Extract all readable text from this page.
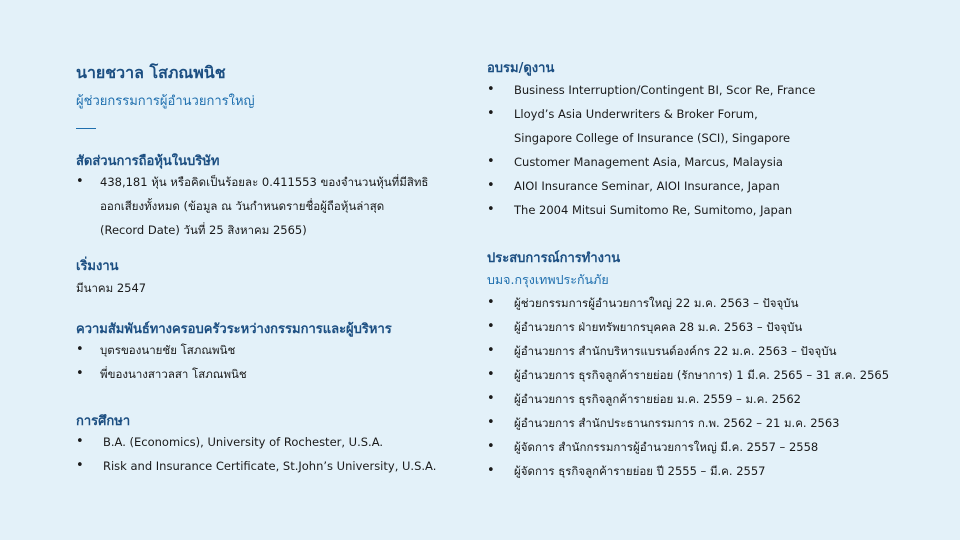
นายชวาล โสภณพนิช
ผู้ช่วยกรรมการผู้อำนวยการใหญ่
สัดส่วนการถือหุ้นในบริษัท
• 438,181 หุ้น หรือคิดเป็นร้อยละ 0.411553 ของจำนวนหุ้นที่มีสิทธิ
ออกเสียงทั้งหมด (ข้อมูล ณ วันกำหนดรายชื่อผู้ถือหุ้นล่าสุด
(Record Date) วันที่ 25 สิงหาคม 2565)
เริ่มงาน
มีนาคม 2547
ความสัมพันธ์ทางครอบครัวระหว่างกรรมการและผู้บริหาร
• บุตรของนายชัย โสภณพนิช
• พี่ของนางสาวลสา โสภณพนิช
การศึกษา
• B.A. (Economics), University of Rochester, U.S.A.
• Risk and Insurance Certificate, St.John’s University, U.S.A.
อบรม/ดูงาน
• Business Interruption/Contingent BI, Scor Re, France
• Lloyd’s Asia Underwriters & Broker Forum,
Singapore College of Insurance (SCI), Singapore
• Customer Management Asia, Marcus, Malaysia
• AIOI Insurance Seminar, AIOI Insurance, Japan
• The 2004 Mitsui Sumitomo Re, Sumitomo, Japan
ประสบการณ์การทำงาน
บมจ.กรุงเทพประกันภัย
• ผู้ช่วยกรรมการผู้อำนวยการใหญ่ 22 ม.ค. 2563 – ปัจจุบัน
• ผู้อำนวยการ ฝ่ายทรัพยากรบุคคล 28 ม.ค. 2563 – ปัจจุบัน
• ผู้อำนวยการ สำนักบริหารแบรนด์องค์กร 22 ม.ค. 2563 – ปัจจุบัน
• ผู้อำนวยการ ธุรกิจลูกค้ารายย่อย (รักษาการ) 1 มี.ค. 2565 – 31 ส.ค. 2565
• ผู้อำนวยการ ธุรกิจลูกค้ารายย่อย ม.ค. 2559 – ม.ค. 2562
• ผู้อำนวยการ สำนักประธานกรรมการ ก.พ. 2562 – 21 ม.ค. 2563
• ผู้จัดการ สำนักกรรมการผู้อำนวยการใหญ่ มี.ค. 2557 – 2558
• ผู้จัดการ ธุรกิจลูกค้ารายย่อย ปี 2555 – มี.ค. 2557
